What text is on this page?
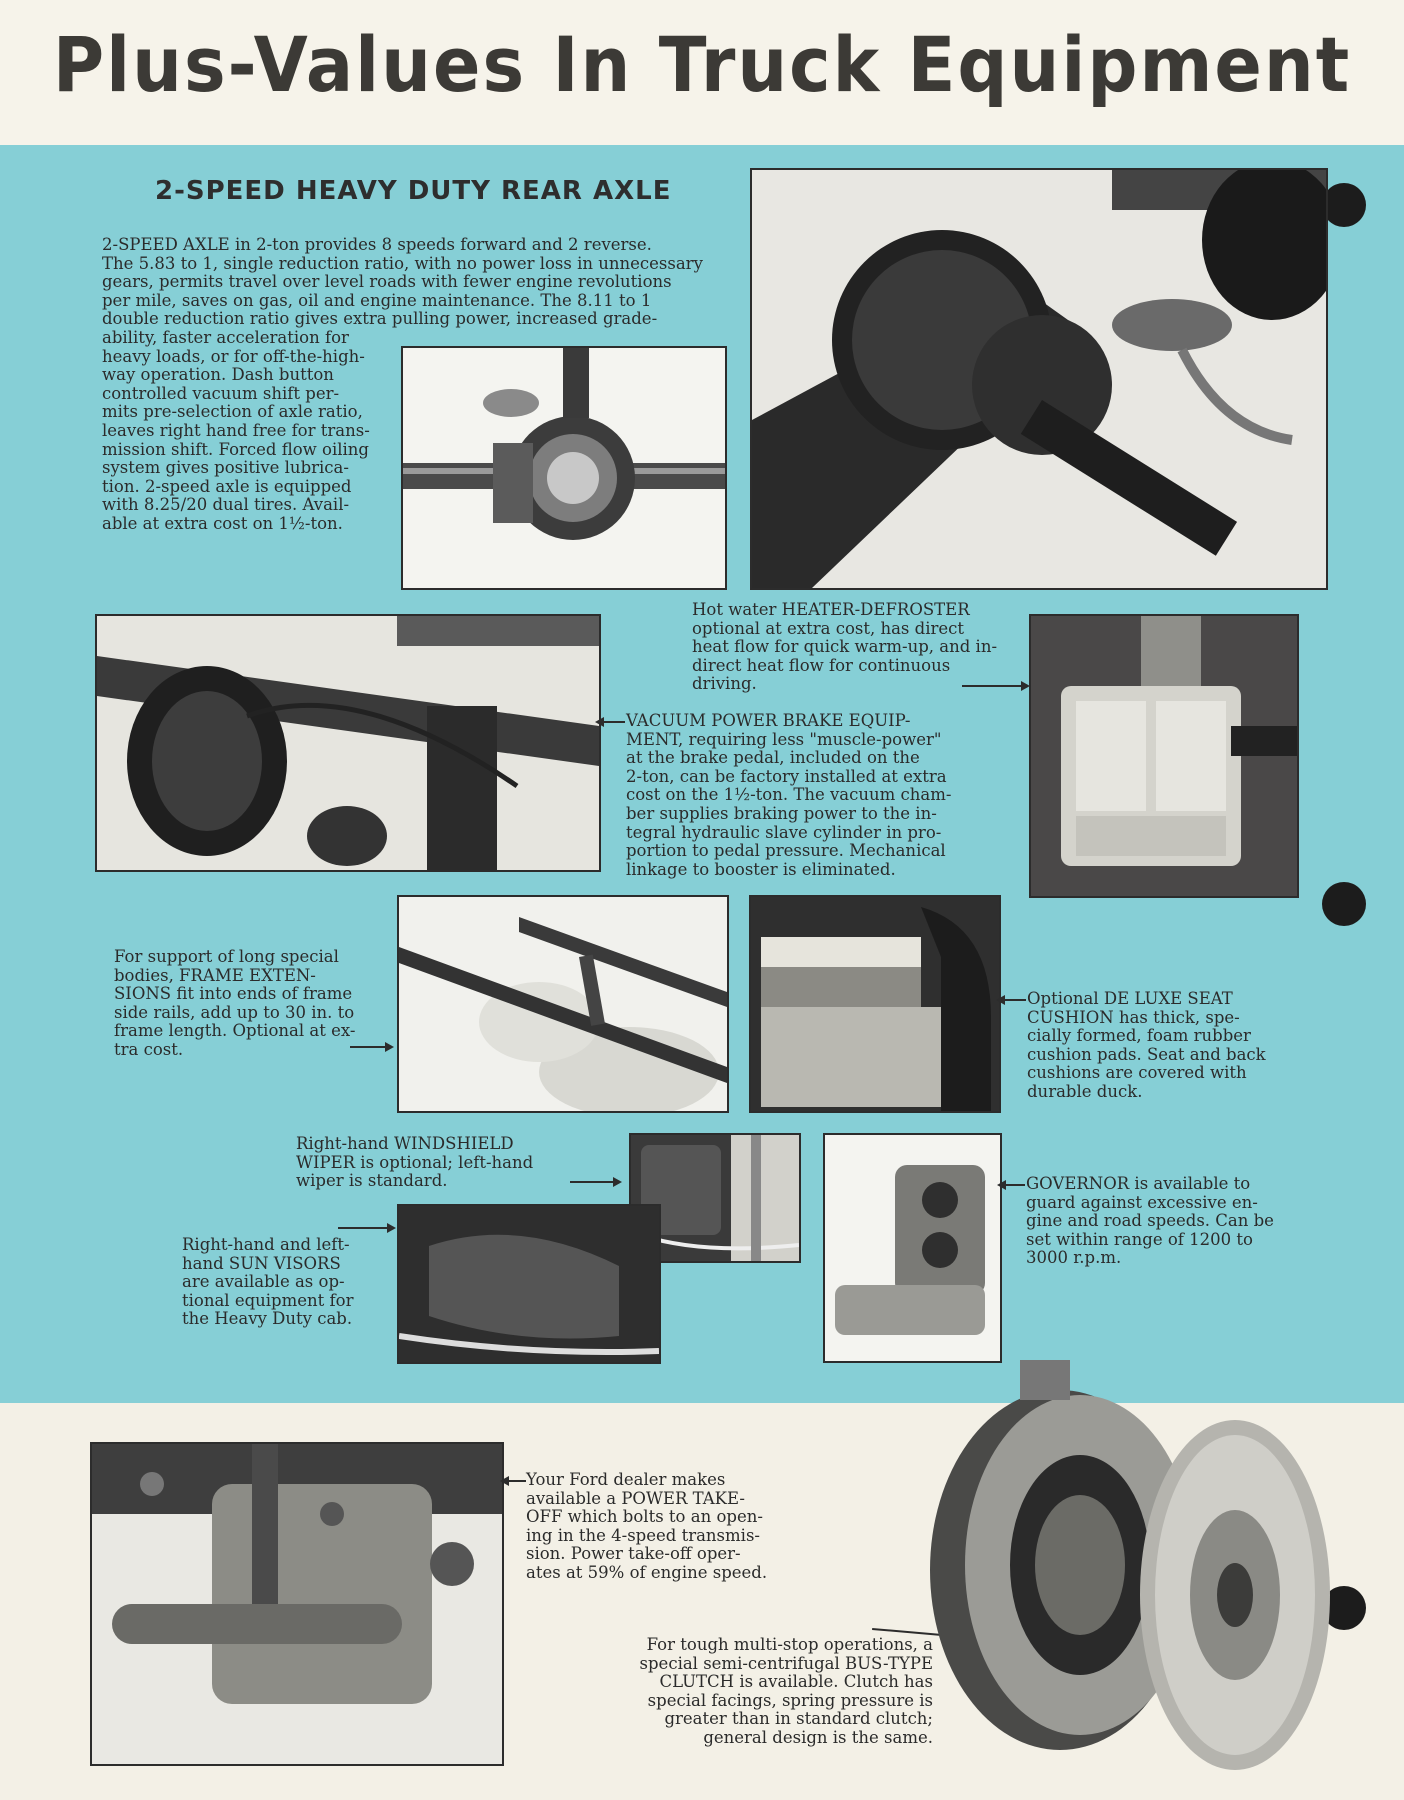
Plus-Values In Truck Equipment
2-SPEED HEAVY DUTY REAR AXLE
2-SPEED AXLE in 2-ton provides 8 speeds forward and 2 reverse.
The 5.83 to 1, single reduction ratio, with no power loss in unnecessary
gears, permits travel over level roads with fewer engine revolutions
per mile, saves on gas, oil and engine maintenance. The 8.11 to 1
double reduction ratio gives extra pulling power, increased grade-
ability, faster acceleration for
heavy loads, or for off-the-high-
way operation. Dash button
controlled vacuum shift per-
mits pre-selection of axle ratio,
leaves right hand free for trans-
mission shift. Forced flow oiling
system gives positive lubrica-
tion. 2-speed axle is equipped
with 8.25/20 dual tires. Avail-
able at extra cost on 1½-ton.
VACUUM POWER BRAKE EQUIP-
MENT, requiring less "muscle-power"
at the brake pedal, included on the
2-ton, can be factory installed at extra
cost on the 1½-ton. The vacuum cham-
ber supplies braking power to the in-
tegral hydraulic slave cylinder in pro-
portion to pedal pressure. Mechanical
linkage to booster is eliminated.
Hot water HEATER-DEFROSTER
optional at extra cost, has direct
heat flow for quick warm-up, and in-
direct heat flow for continuous
driving.
For support of long special
bodies, FRAME EXTEN-
SIONS fit into ends of frame
side rails, add up to 30 in. to
frame length. Optional at ex-
tra cost.
Optional DE LUXE SEAT
CUSHION has thick, spe-
cially formed, foam rubber
cushion pads. Seat and back
cushions are covered with
durable duck.
Right-hand WINDSHIELD
WIPER is optional; left-hand
wiper is standard.
Right-hand and left-
hand SUN VISORS
are available as op-
tional equipment for
the Heavy Duty cab.
GOVERNOR is available to
guard against excessive en-
gine and road speeds. Can be
set within range of 1200 to
3000 r.p.m.
Your Ford dealer makes
available a POWER TAKE-
OFF which bolts to an open-
ing in the 4-speed transmis-
sion. Power take-off oper-
ates at 59% of engine speed.
For tough multi-stop operations, a
special semi-centrifugal BUS-TYPE
CLUTCH is available. Clutch has
special facings, spring pressure is
greater than in standard clutch;
general design is the same.
